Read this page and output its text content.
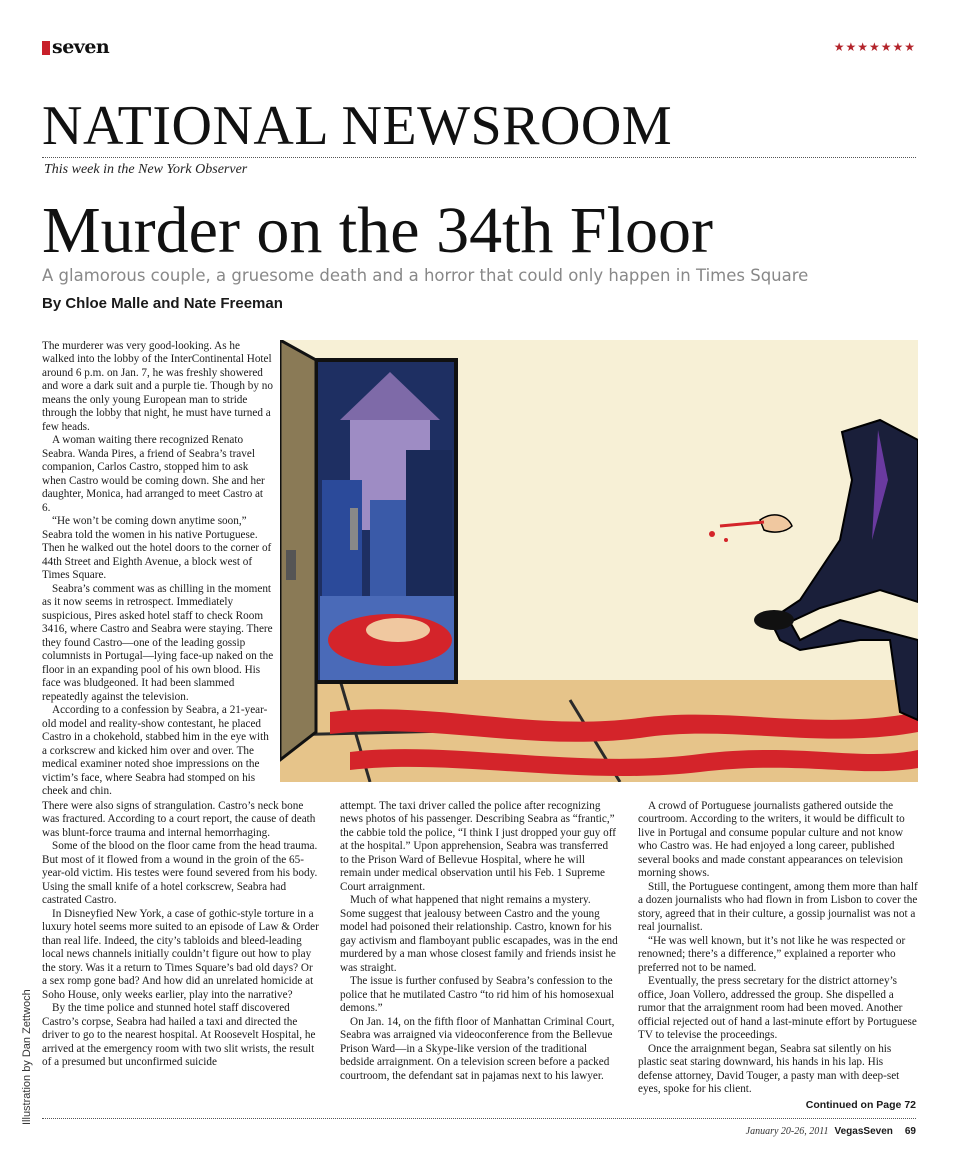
seven	★★★★★★★
NATIONAL NEWSROOM
This week in the New York Observer
Murder on the 34th Floor
A glamorous couple, a gruesome death and a horror that could only happen in Times Square
By Chloe Malle and Nate Freeman

The murderer was very good-looking. As he walked into the lobby of the InterContinental Hotel around 6 p.m. on Jan. 7, he was freshly showered and wore a dark suit and a purple tie. Though by no means the only young European man to stride through the lobby that night, he must have turned a few heads.

A woman waiting there recognized Renato Seabra. Wanda Pires, a friend of Seabra’s travel companion, Carlos Castro, stopped him to ask when Castro would be coming down. She and her daughter, Monica, had arranged to meet Castro at 6.

“He won’t be coming down anytime soon,” Seabra told the women in his native Portuguese. Then he walked out the hotel doors to the corner of 44th Street and Eighth Avenue, a block west of Times Square.

Seabra’s comment was as chilling in the moment as it now seems in retrospect. Immediately suspicious, Pires asked hotel staff to check Room 3416, where Castro and Seabra were staying. There they found Castro—one of the leading gossip columnists in Portugal—lying face-up naked on the floor in an expanding pool of his own blood. His face was bludgeoned. It had been slammed repeatedly against the television.

According to a confession by Seabra, a 21-year-old model and reality-show contestant, he placed Castro in a chokehold, stabbed him in the eye with a corkscrew and kicked him over and over. The medical examiner noted shoe impressions on the victim’s face, where Seabra had stomped on his cheek and chin.

There were also signs of strangulation. Castro’s neck bone was fractured. According to a court report, the cause of death was blunt-force trauma and internal hemorrhaging.

Some of the blood on the floor came from the head trauma. But most of it flowed from a wound in the groin of the 65-year-old victim. His testes were found severed from his body. Using the small knife of a hotel corkscrew, Seabra had castrated Castro.

In Disneyfied New York, a case of gothic-style torture in a luxury hotel seems more suited to an episode of Law & Order than real life. Indeed, the city’s tabloids and bleed-leading local news channels initially couldn’t figure out how to play the story. Was it a return to Times Square’s bad old days? Or a sex romp gone bad? And how did an unrelated homicide at Soho House, only weeks earlier, play into the narrative?

By the time police and stunned hotel staff discovered Castro’s corpse, Seabra had hailed a taxi and directed the driver to go to the nearest hospital. At Roosevelt Hospital, he arrived at the emergency room with two slit wrists, the result of a presumed but unconfirmed suicide

attempt. The taxi driver called the police after recognizing news photos of his passenger. Describing Seabra as “frantic,” the cabbie told the police, “I think I just dropped your guy off at the hospital.” Upon apprehension, Seabra was transferred to the Prison Ward of Bellevue Hospital, where he will remain under medical observation until his Feb. 1 Supreme Court arraignment.

Much of what happened that night remains a mystery. Some suggest that jealousy between Castro and the young model had poisoned their relationship. Castro, known for his gay activism and flamboyant public escapades, was in the end murdered by a man whose closest family and friends insist he was straight.

The issue is further confused by Seabra’s confession to the police that he mutilated Castro “to rid him of his homosexual demons.”

On Jan. 14, on the fifth floor of Manhattan Criminal Court, Seabra was arraigned via videoconference from the Bellevue Prison Ward—in a Skype-like version of the traditional bedside arraignment. On a television screen before a packed courtroom, the defendant sat in pajamas next to his lawyer.

A crowd of Portuguese journalists gathered outside the courtroom. According to the writers, it would be difficult to live in Portugal and consume popular culture and not know who Castro was. He had enjoyed a long career, published several books and made constant appearances on television morning shows.

Still, the Portuguese contingent, among them more than half a dozen journalists who had flown in from Lisbon to cover the story, agreed that in their culture, a gossip journalist was not a real journalist.

“He was well known, but it’s not like he was respected or renowned; there’s a difference,” explained a reporter who preferred not to be named.

Eventually, the press secretary for the district attorney’s office, Joan Vollero, addressed the group. She dispelled a rumor that the arraignment room had been moved. Another official rejected out of hand a last-minute effort by Portuguese TV to televise the proceedings.

Once the arraignment began, Seabra sat silently on his plastic seat staring downward, his hands in his lap. His defense attorney, David Touger, a pasty man with deep-set eyes, spoke for his client.

Illustration by Dan Zettwoch	Continued on Page 72
January 20-26, 2011 VegasSeven 69
